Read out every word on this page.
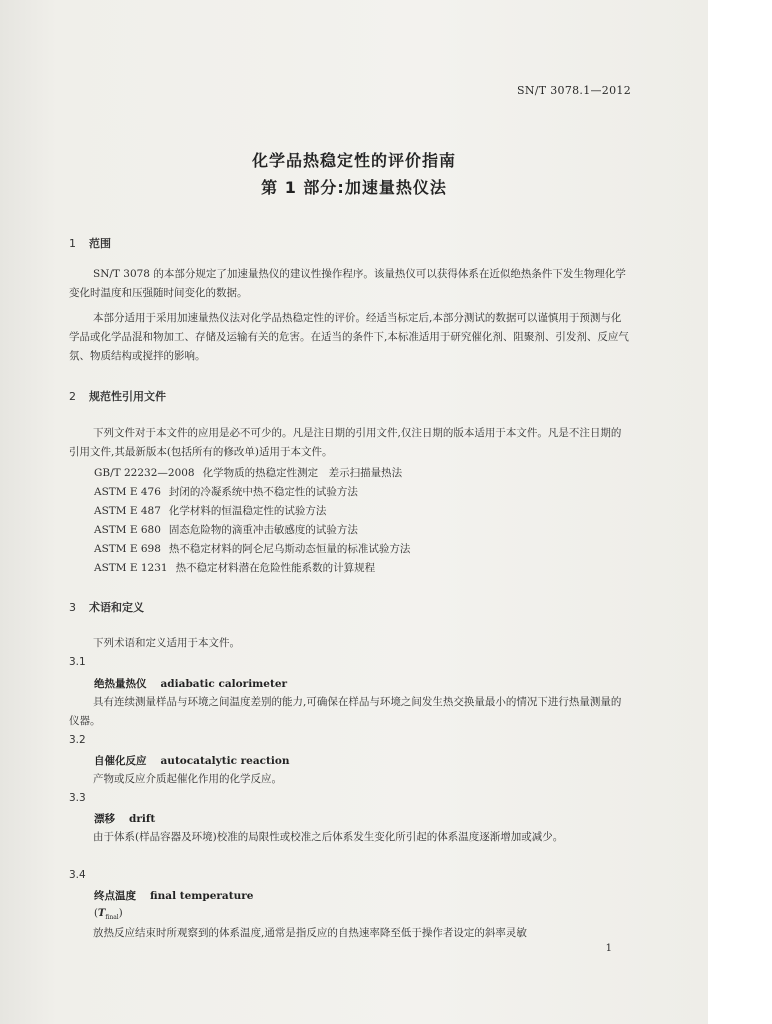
SN/T 3078.1—2012
化学品热稳定性的评价指南
第 1 部分:加速量热仪法
1 范围
SN/T 3078 的本部分规定了加速量热仪的建议性操作程序。该量热仪可以获得体系在近似绝热条件下发生物理化学变化时温度和压强随时间变化的数据。
本部分适用于采用加速量热仪法对化学品热稳定性的评价。经适当标定后,本部分测试的数据可以谨慎用于预测与化学品或化学品混和物加工、存储及运输有关的危害。在适当的条件下,本标准适用于研究催化剂、阻聚剂、引发剂、反应气氛、物质结构或搅拌的影响。
2 规范性引用文件
下列文件对于本文件的应用是必不可少的。凡是注日期的引用文件,仅注日期的版本适用于本文件。凡是不注日期的引用文件,其最新版本(包括所有的修改单)适用于本文件。
GB/T 22232—2008 化学物质的热稳定性测定　差示扫描量热法
ASTM E 476 封闭的冷凝系统中热不稳定性的试验方法
ASTM E 487 化学材料的恒温稳定性的试验方法
ASTM E 680 固态危险物的滴重冲击敏感度的试验方法
ASTM E 698 热不稳定材料的阿仑尼乌斯动态恒量的标准试验方法
ASTM E 1231 热不稳定材料潜在危险性能系数的计算规程
3 术语和定义
下列术语和定义适用于本文件。
3.1
绝热量热仪 adiabatic calorimeter
具有连续测量样品与环境之间温度差别的能力,可确保在样品与环境之间发生热交换量最小的情况下进行热量测量的仪器。
3.2
自催化反应 autocatalytic reaction
产物或反应介质起催化作用的化学反应。
3.3
漂移 drift
由于体系(样品容器及环境)校准的局限性或校准之后体系发生变化所引起的体系温度逐渐增加或减少。
3.4
终点温度 final temperature
$(T_{final})$
放热反应结束时所观察到的体系温度,通常是指反应的自热速率降至低于操作者设定的斜率灵敏
1
